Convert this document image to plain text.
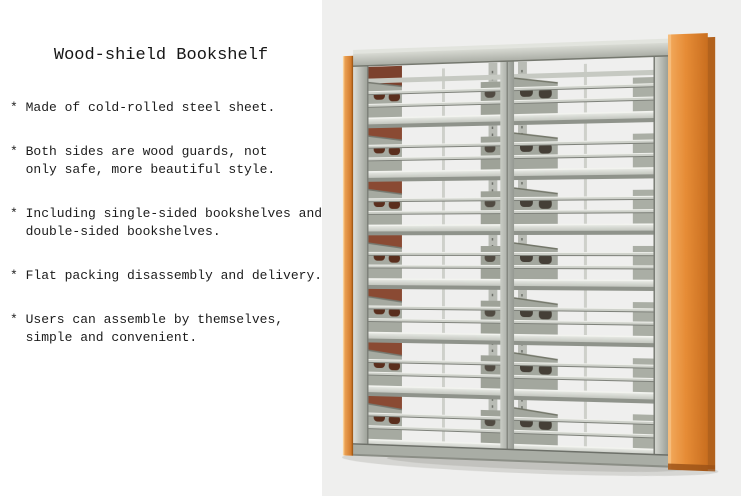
Wood-shield Bookshelf
* Made of cold-rolled steel sheet.
* Both sides are wood guards, not
only safe, more beautiful style.
* Including single-sided bookshelves and
double-sided bookshelves.
* Flat packing disassembly and delivery.
* Users can assemble by themselves,
simple and convenient.
